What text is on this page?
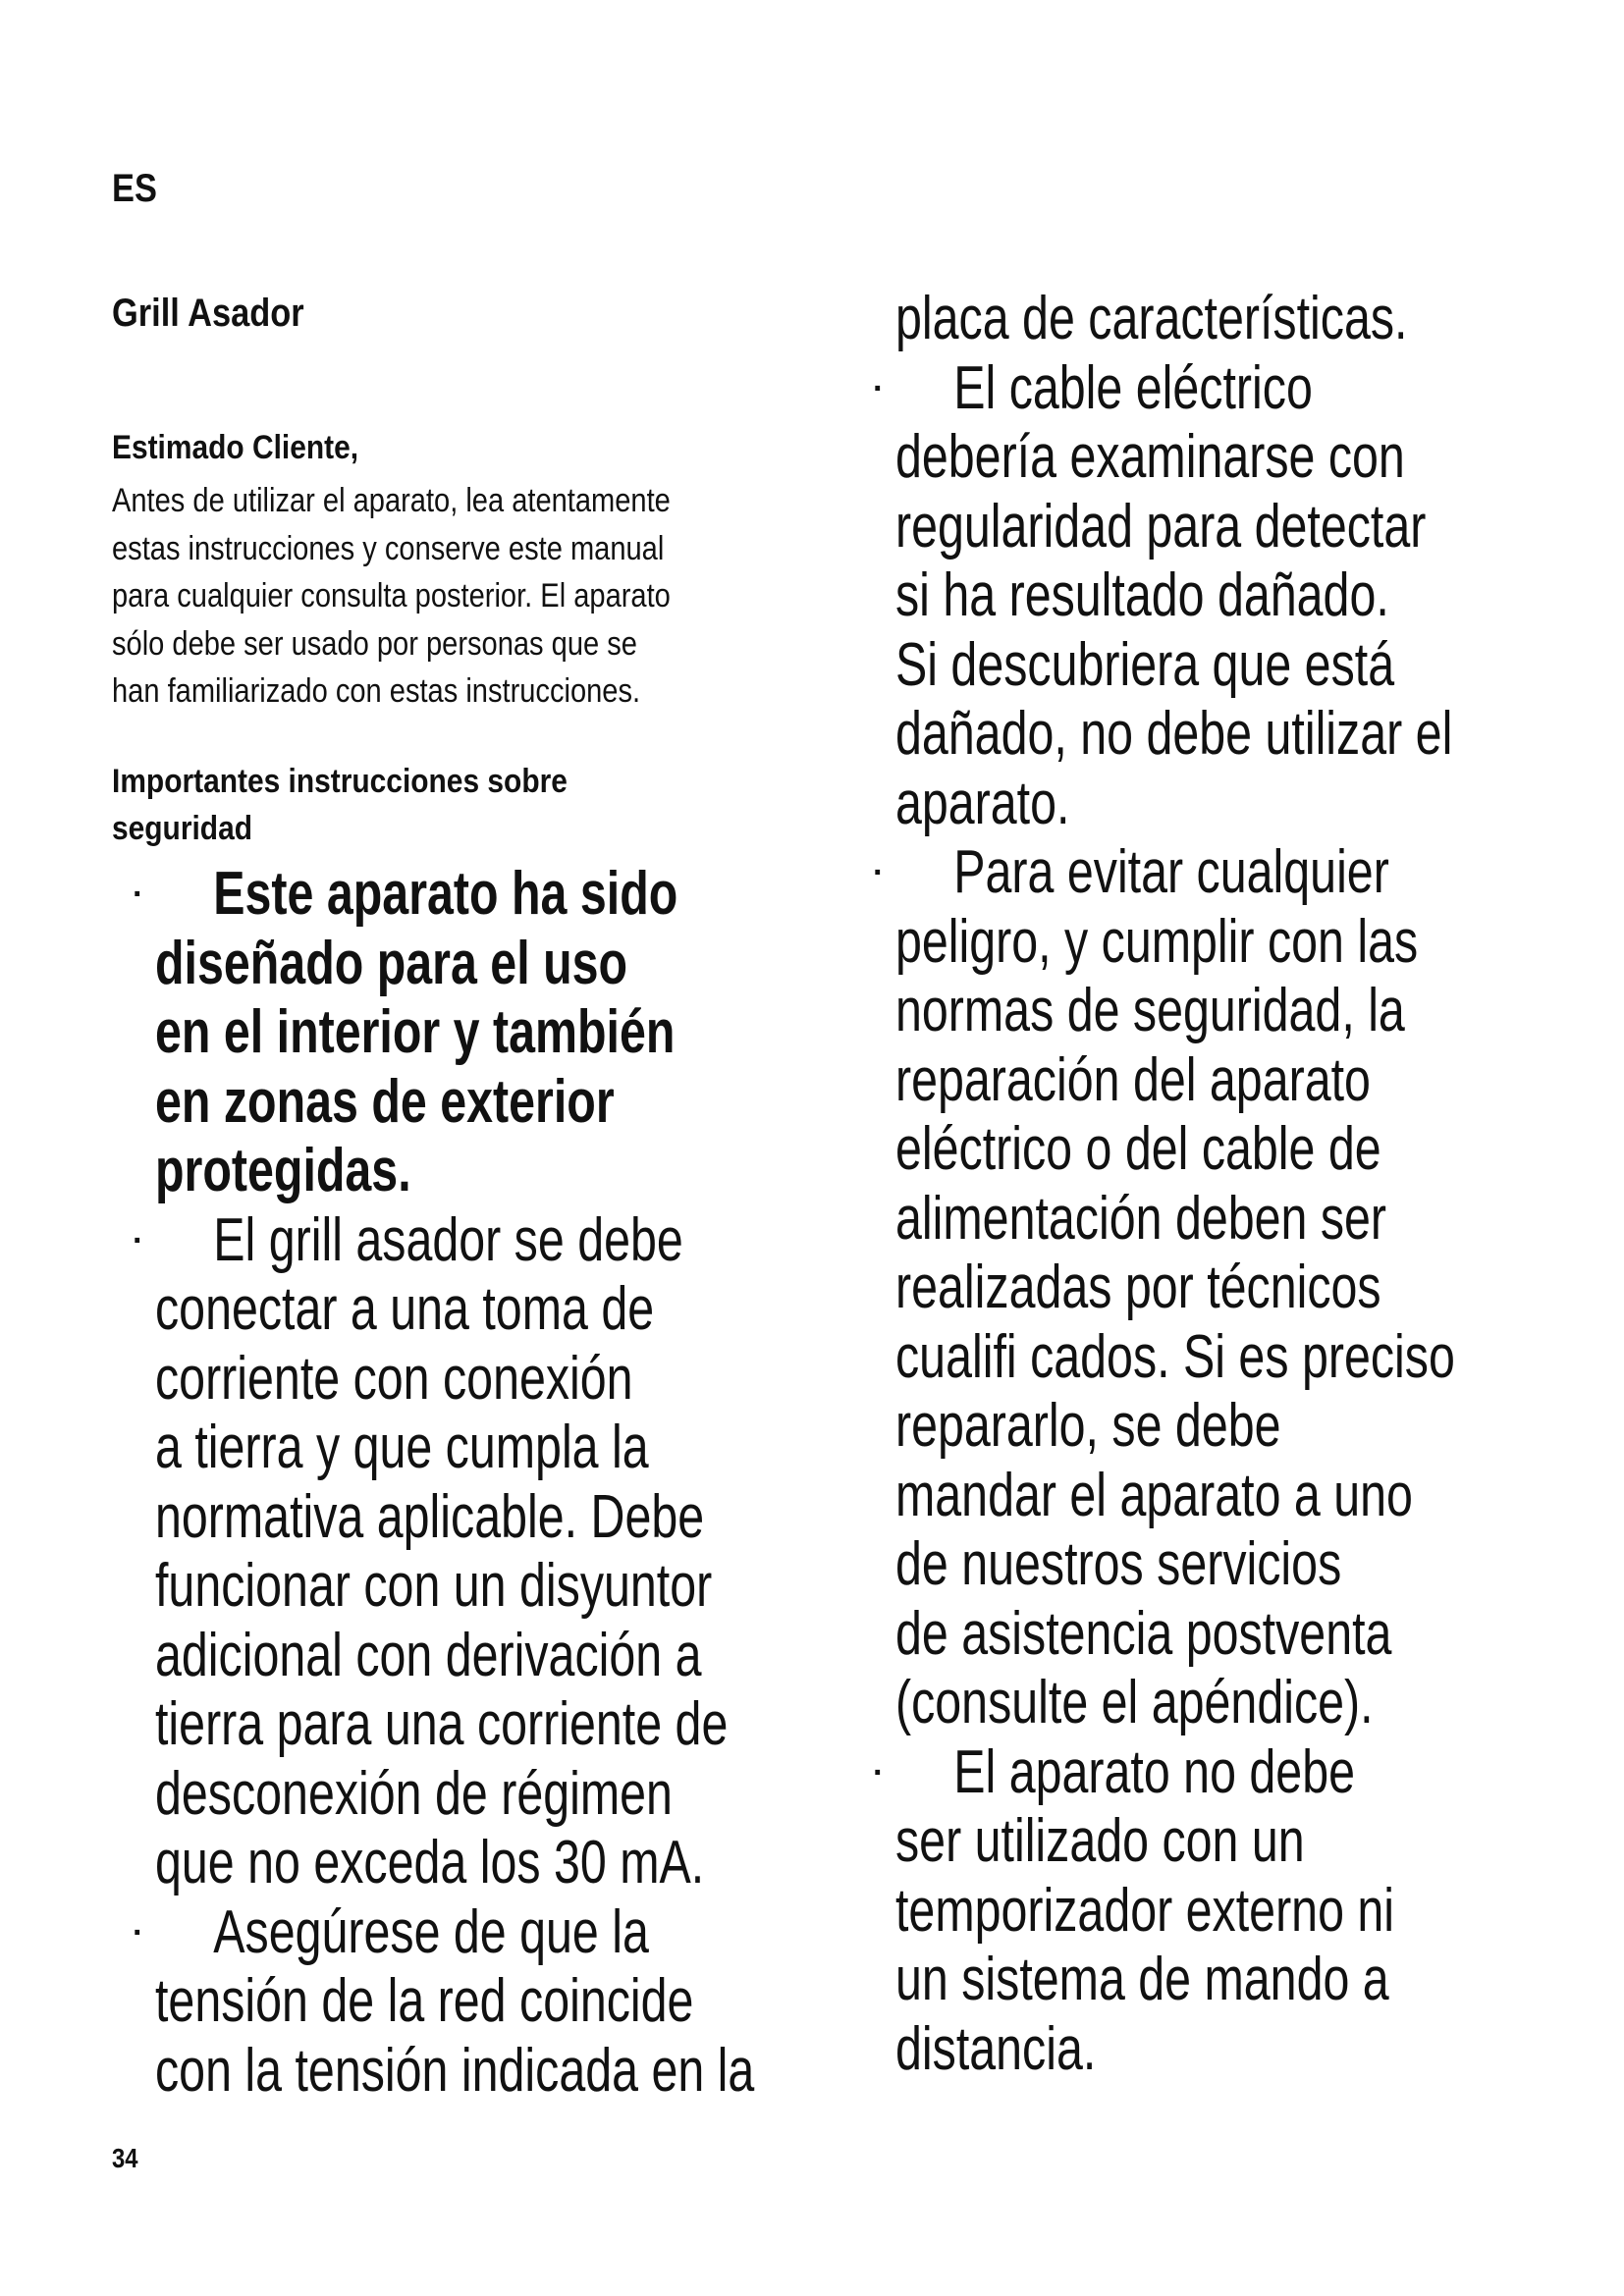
ES
Grill Asador
Estimado Cliente,
Antes de utilizar el aparato, lea atentamente
estas instrucciones y conserve este manual
para cualquier consulta posterior. El aparato
sólo debe ser usado por personas que se
han familiarizado con estas instrucciones.
Importantes instrucciones sobre
seguridad
·	Este aparato ha sido
diseñado para el uso
en el interior y también
en zonas de exterior
protegidas.
·	El grill asador se debe
conectar a una toma de
corriente con conexión
a tierra y que cumpla la
normativa aplicable. Debe
funcionar con un disyuntor
adicional con derivación a
tierra para una corriente de
desconexión de régimen
que no exceda los 30 mA.
·	Asegúrese de que la
tensión de la red coincide
con la tensión indicada en la
placa de características.
·	El cable eléctrico
debería examinarse con
regularidad para detectar
si ha resultado dañado.
Si descubriera que está
dañado, no debe utilizar el
aparato.
·	Para evitar cualquier
peligro, y cumplir con las
normas de seguridad, la
reparación del aparato
eléctrico o del cable de
alimentación deben ser
realizadas por técnicos
cualifi cados. Si es preciso
repararlo, se debe
mandar el aparato a uno
de nuestros servicios
de asistencia postventa
(consulte el apéndice).
·	El aparato no debe
ser utilizado con un
temporizador externo ni
un sistema de mando a
distancia.
34
